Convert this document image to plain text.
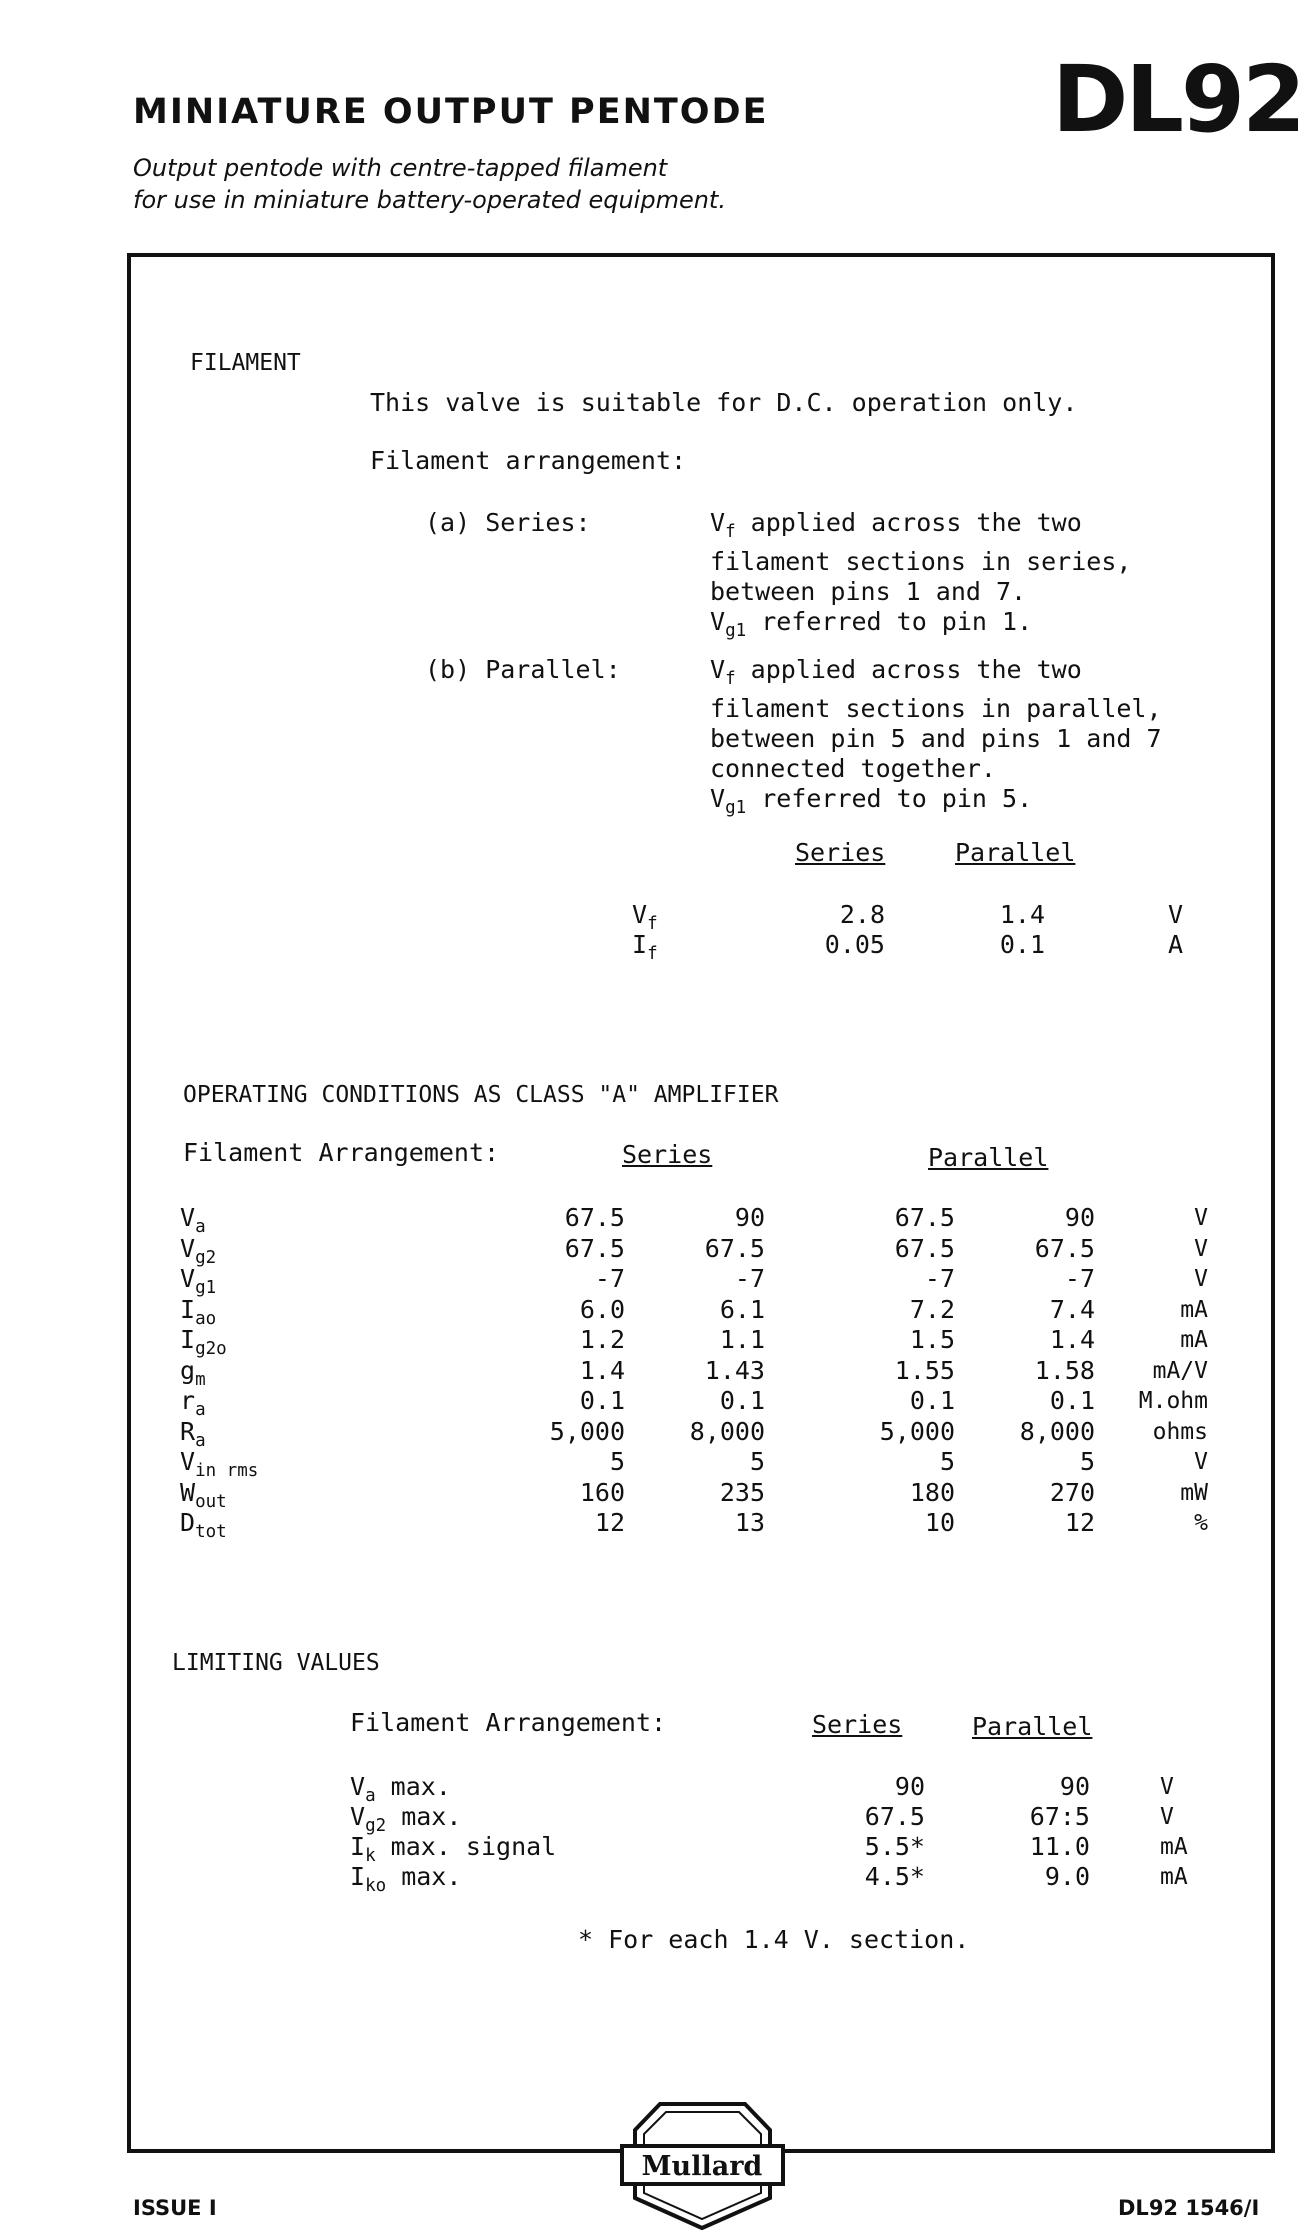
MINIATURE OUTPUT PENTODE	DL92
Output pentode with centre-tapped filament
for use in miniature battery-operated equipment.
FILAMENT
This valve is suitable for D.C. operation only.
Filament arrangement:
(a) Series:	$V_f$ applied across the two
filament sections in series,
between pins 1 and 7.
$V_{g1}$ referred to pin 1.
(b) Parallel:	$V_f$ applied across the two
filament sections in parallel,
between pin 5 and pins 1 and 7
connected together.
$V_{g1}$ referred to pin 5.
Series	Parallel
$V_f$	2.8	1.4	V
$I_f$	0.05	0.1	A
OPERATING CONDITIONS AS CLASS "A" AMPLIFIER
Filament Arrangement:	Series	Parallel
$V_a$	67.5	90	67.5	90	V
$V_{g2}$	67.5	67.5	67.5	67.5	V
$V_{g1}$	-7	-7	-7	-7	V
$I_{ao}$	6.0	6.1	7.2	7.4	mA
$I_{g2o}$	1.2	1.1	1.5	1.4	mA
$g_m$	1.4	1.43	1.55	1.58	mA/V
$r_a$	0.1	0.1	0.1	0.1	M.ohm
$R_a$	5,000	8,000	5,000	8,000	ohms
$V_{in rms}$	5	5	5	5	V
$W_{out}$	160	235	180	270	mW
$D_{tot}$	12	13	10	12	%
LIMITING VALUES
Filament Arrangement:	Series	Parallel
$V_a$ max.	90	90	V
$V_{g2}$ max.	67.5	67:5	V
$I_k$ max. signal	5.5*	11.0	mA
$I_{ko}$ max.	4.5*	9.0	mA
* For each 1.4 V. section.
Mullard
ISSUE I	DL92 1546/I
